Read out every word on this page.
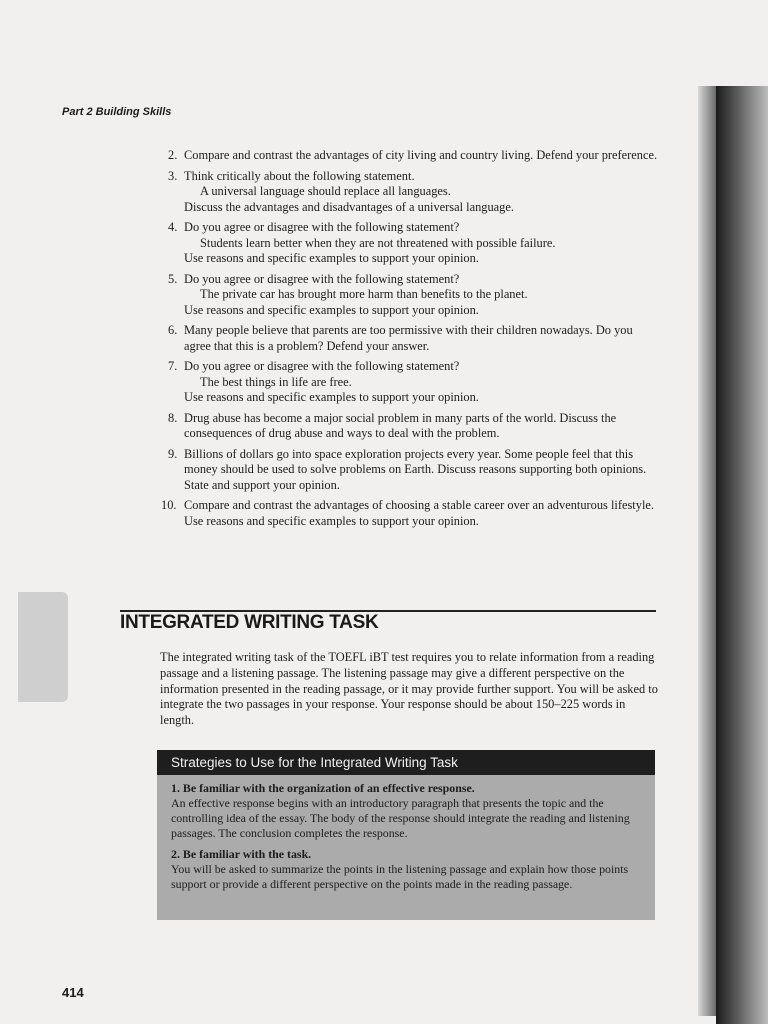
Part 2 Building Skills
2. Compare and contrast the advantages of city living and country living. Defend your preference.
3. Think critically about the following statement.
A universal language should replace all languages.
Discuss the advantages and disadvantages of a universal language.
4. Do you agree or disagree with the following statement?
Students learn better when they are not threatened with possible failure.
Use reasons and specific examples to support your opinion.
5. Do you agree or disagree with the following statement?
The private car has brought more harm than benefits to the planet.
Use reasons and specific examples to support your opinion.
6. Many people believe that parents are too permissive with their children nowadays. Do you agree that this is a problem? Defend your answer.
7. Do you agree or disagree with the following statement?
The best things in life are free.
Use reasons and specific examples to support your opinion.
8. Drug abuse has become a major social problem in many parts of the world. Discuss the consequences of drug abuse and ways to deal with the problem.
9. Billions of dollars go into space exploration projects every year. Some people feel that this money should be used to solve problems on Earth. Discuss reasons supporting both opinions. State and support your opinion.
10. Compare and contrast the advantages of choosing a stable career over an adventurous lifestyle. Use reasons and specific examples to support your opinion.
INTEGRATED WRITING TASK

The integrated writing task of the TOEFL iBT test requires you to relate information from a reading passage and a listening passage. The listening passage may give a different perspective on the information presented in the reading passage, or it may provide further support. You will be asked to integrate the two passages in your response. Your response should be about 150–225 words in length.

Strategies to Use for the Integrated Writing Task
1. Be familiar with the organization of an effective response.
An effective response begins with an introductory paragraph that presents the topic and the controlling idea of the essay. The body of the response should integrate the reading and listening passages. The conclusion completes the response.
2. Be familiar with the task.
You will be asked to summarize the points in the listening passage and explain how those points support or provide a different perspective on the points made in the reading passage.
414
